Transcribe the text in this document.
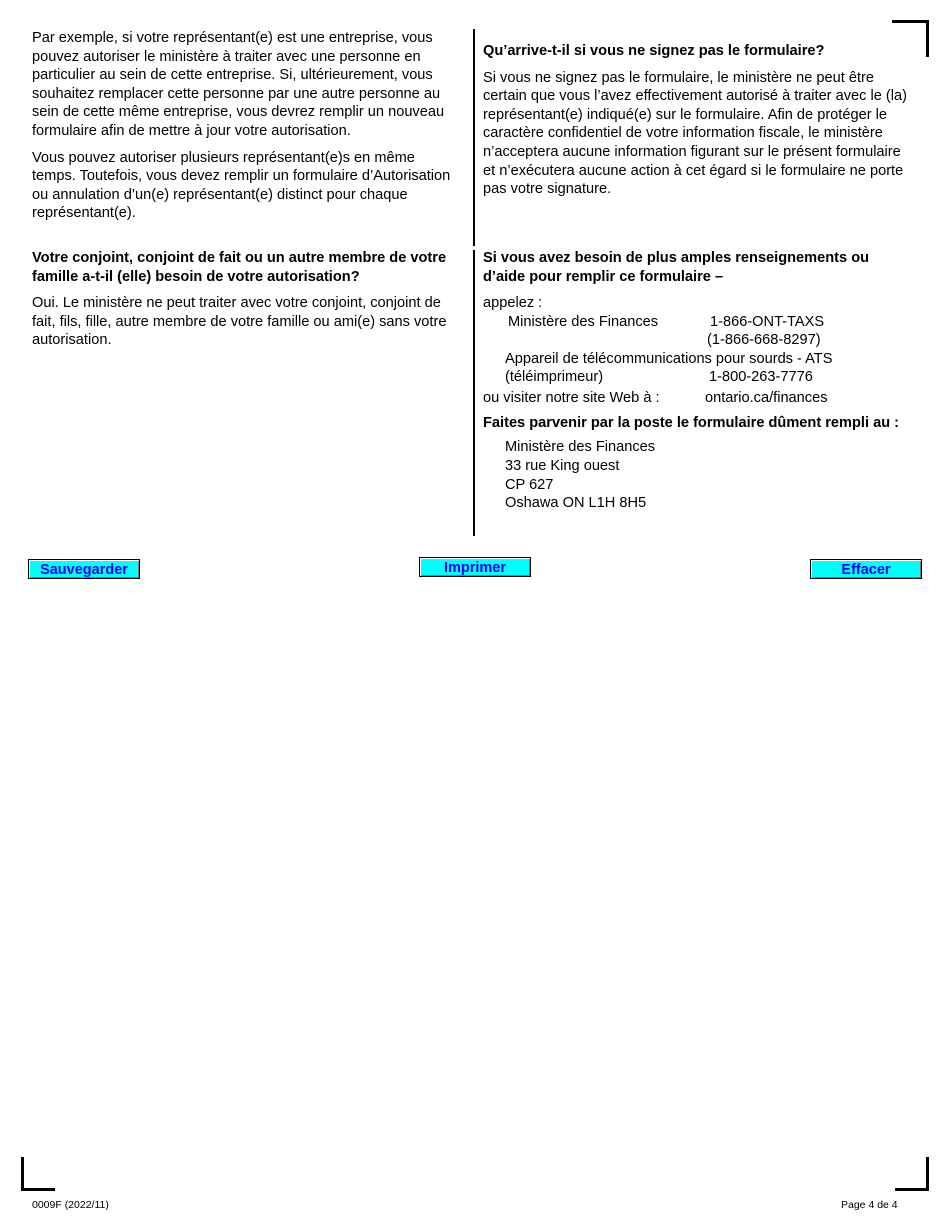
Par exemple, si votre représentant(e) est une entreprise, vous pouvez autoriser le ministère à traiter avec une personne en particulier au sein de cette entreprise. Si, ultérieurement, vous souhaitez remplacer cette personne par une autre personne au sein de cette même entreprise, vous devrez remplir un nouveau formulaire afin de mettre à jour votre autorisation.

Vous pouvez autoriser plusieurs représentant(e)s en même temps. Toutefois, vous devez remplir un formulaire d’Autorisation ou annulation d’un(e) représentant(e) distinct pour chaque représentant(e).

Votre conjoint, conjoint de fait ou un autre membre de votre famille a-t-il (elle) besoin de votre autorisation?

Oui. Le ministère ne peut traiter avec votre conjoint, conjoint de fait, fils, fille, autre membre de votre famille ou ami(e) sans votre autorisation.

Qu’arrive-t-il si vous ne signez pas le formulaire?

Si vous ne signez pas le formulaire, le ministère ne peut être certain que vous l’avez effectivement autorisé à traiter avec le (la) représentant(e) indiqué(e) sur le formulaire. Afin de protéger le caractère confidentiel de votre information fiscale, le ministère n’acceptera aucune information figurant sur le présent formulaire et n’exécutera aucune action à cet égard si le formulaire ne porte pas votre signature.

Si vous avez besoin de plus amples renseignements ou d’aide pour remplir ce formulaire –

appelez :

Ministère des Finances	1-866-ONT-TAXS
(1-866-668-8297)
Appareil de télécommunications pour sourds - ATS
(téléimprimeur)	1-800-263-7776
ou visiter notre site Web à :	ontario.ca/finances

Faites parvenir par la poste le formulaire dûment rempli au :

Ministère des Finances
33 rue King ouest
CP 627
Oshawa ON L1H 8H5
Sauvegarder	Imprimer	Effacer
0009F (2022/11)	Page 4 de 4
